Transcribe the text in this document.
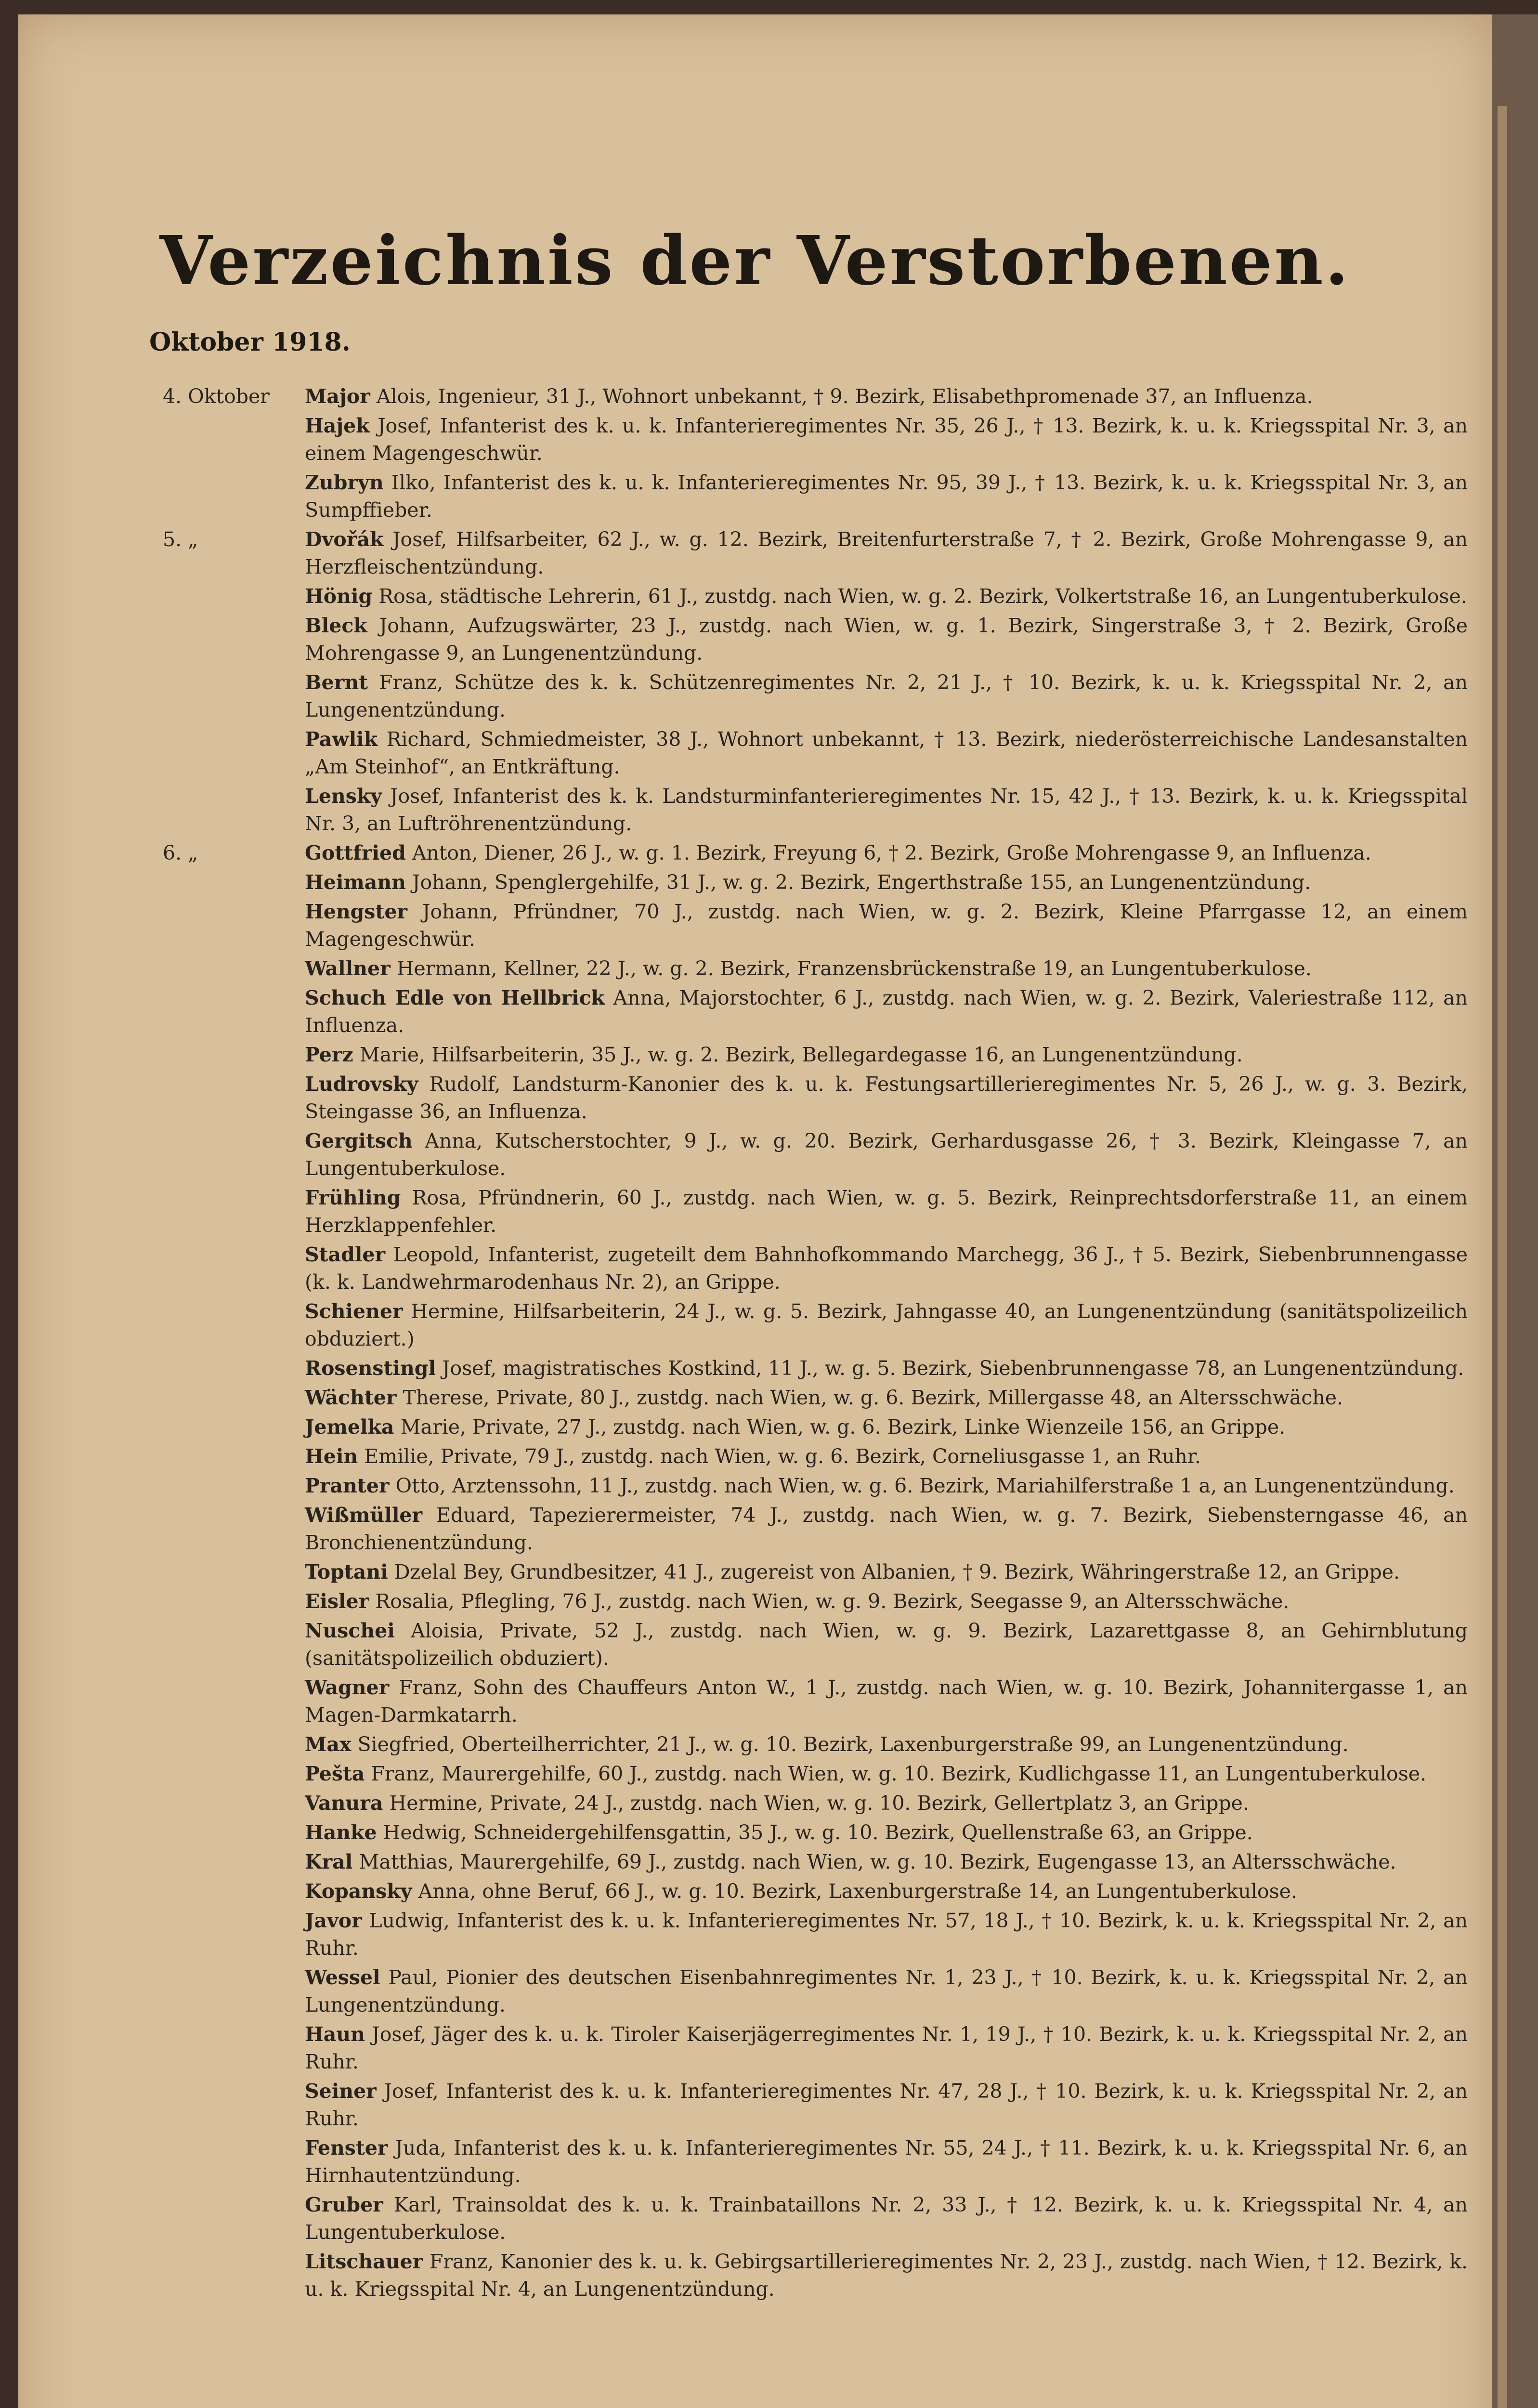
Verzeichnis der Verstorbenen.
Oktober 1918.
4. Oktober	Major Alois, Ingenieur, 31 J., Wohnort unbekannt, † 9. Bezirk, Elisabethpromenade 37, an Influenza.
Hajek Josef, Infanterist des k. u. k. Infanterieregimentes Nr. 35, 26 J., † 13. Bezirk, k. u. k. Kriegsspital Nr. 3, an einem Magengeschwür.
Zubryn Ilko, Infanterist des k. u. k. Infanterieregimentes Nr. 95, 39 J., † 13. Bezirk, k. u. k. Kriegsspital Nr. 3, an Sumpffieber.
5. „	Dvořák Josef, Hilfsarbeiter, 62 J., w. g. 12. Bezirk, Breitenfurterstraße 7, † 2. Bezirk, Große Mohrengasse 9, an Herzfleischentzündung.
Hönig Rosa, städtische Lehrerin, 61 J., zustdg. nach Wien, w. g. 2. Bezirk, Volkertstraße 16, an Lungentuberkulose.
Bleck Johann, Aufzugswärter, 23 J., zustdg. nach Wien, w. g. 1. Bezirk, Singerstraße 3, † 2. Bezirk, Große Mohrengasse 9, an Lungenentzündung.
Bernt Franz, Schütze des k. k. Schützenregimentes Nr. 2, 21 J., † 10. Bezirk, k. u. k. Kriegsspital Nr. 2, an Lungenentzündung.
Pawlik Richard, Schmiedmeister, 38 J., Wohnort unbekannt, † 13. Bezirk, niederösterreichische Landesanstalten „Am Steinhof“, an Entkräftung.
Lensky Josef, Infanterist des k. k. Landsturminfanterieregimentes Nr. 15, 42 J., † 13. Bezirk, k. u. k. Kriegsspital Nr. 3, an Luftröhrenentzündung.
6. „	Gottfried Anton, Diener, 26 J., w. g. 1. Bezirk, Freyung 6, † 2. Bezirk, Große Mohrengasse 9, an Influenza.
Heimann Johann, Spenglergehilfe, 31 J., w. g. 2. Bezirk, Engerthstraße 155, an Lungenentzündung.
Hengster Johann, Pfründner, 70 J., zustdg. nach Wien, w. g. 2. Bezirk, Kleine Pfarrgasse 12, an einem Magengeschwür.
Wallner Hermann, Kellner, 22 J., w. g. 2. Bezirk, Franzensbrückenstraße 19, an Lungentuberkulose.
Schuch Edle von Hellbrick Anna, Majorstochter, 6 J., zustdg. nach Wien, w. g. 2. Bezirk, Valeriestraße 112, an Influenza.
Perz Marie, Hilfsarbeiterin, 35 J., w. g. 2. Bezirk, Bellegardegasse 16, an Lungenentzündung.
Ludrovsky Rudolf, Landsturm-Kanonier des k. u. k. Festungsartillerieregimentes Nr. 5, 26 J., w. g. 3. Bezirk, Steingasse 36, an Influenza.
Gergitsch Anna, Kutscherstochter, 9 J., w. g. 20. Bezirk, Gerhardusgasse 26, † 3. Bezirk, Kleingasse 7, an Lungentuberkulose.
Frühling Rosa, Pfründnerin, 60 J., zustdg. nach Wien, w. g. 5. Bezirk, Reinprechtsdorferstraße 11, an einem Herzklappenfehler.
Stadler Leopold, Infanterist, zugeteilt dem Bahnhofkommando Marchegg, 36 J., † 5. Bezirk, Siebenbrunnengasse (k. k. Landwehrmarodenhaus Nr. 2), an Grippe.
Schiener Hermine, Hilfsarbeiterin, 24 J., w. g. 5. Bezirk, Jahngasse 40, an Lungenentzündung (sanitätspolizeilich obduziert.)
Rosenstingl Josef, magistratisches Kostkind, 11 J., w. g. 5. Bezirk, Siebenbrunnengasse 78, an Lungenentzündung.
Wächter Therese, Private, 80 J., zustdg. nach Wien, w. g. 6. Bezirk, Millergasse 48, an Altersschwäche.
Jemelka Marie, Private, 27 J., zustdg. nach Wien, w. g. 6. Bezirk, Linke Wienzeile 156, an Grippe.
Hein Emilie, Private, 79 J., zustdg. nach Wien, w. g. 6. Bezirk, Corneliusgasse 1, an Ruhr.
Pranter Otto, Arztenssohn, 11 J., zustdg. nach Wien, w. g. 6. Bezirk, Mariahilferstraße 1 a, an Lungenentzündung.
Wißmüller Eduard, Tapezierermeister, 74 J., zustdg. nach Wien, w. g. 7. Bezirk, Siebensterngasse 46, an Bronchienentzündung.
Toptani Dzelal Bey, Grundbesitzer, 41 J., zugereist von Albanien, † 9. Bezirk, Währingerstraße 12, an Grippe.
Eisler Rosalia, Pflegling, 76 J., zustdg. nach Wien, w. g. 9. Bezirk, Seegasse 9, an Altersschwäche.
Nuschei Aloisia, Private, 52 J., zustdg. nach Wien, w. g. 9. Bezirk, Lazarettgasse 8, an Gehirnblutung (sanitätspolizeilich obduziert).
Wagner Franz, Sohn des Chauffeurs Anton W., 1 J., zustdg. nach Wien, w. g. 10. Bezirk, Johannitergasse 1, an Magen-Darmkatarrh.
Max Siegfried, Oberteilherrichter, 21 J., w. g. 10. Bezirk, Laxenburgerstraße 99, an Lungenentzündung.
Pešta Franz, Maurergehilfe, 60 J., zustdg. nach Wien, w. g. 10. Bezirk, Kudlichgasse 11, an Lungentuberkulose.
Vanura Hermine, Private, 24 J., zustdg. nach Wien, w. g. 10. Bezirk, Gellertplatz 3, an Grippe.
Hanke Hedwig, Schneidergehilfensgattin, 35 J., w. g. 10. Bezirk, Quellenstraße 63, an Grippe.
Kral Matthias, Maurergehilfe, 69 J., zustdg. nach Wien, w. g. 10. Bezirk, Eugengasse 13, an Altersschwäche.
Kopansky Anna, ohne Beruf, 66 J., w. g. 10. Bezirk, Laxenburgerstraße 14, an Lungentuberkulose.
Javor Ludwig, Infanterist des k. u. k. Infanterieregimentes Nr. 57, 18 J., † 10. Bezirk, k. u. k. Kriegsspital Nr. 2, an Ruhr.
Wessel Paul, Pionier des deutschen Eisenbahnregimentes Nr. 1, 23 J., † 10. Bezirk, k. u. k. Kriegsspital Nr. 2, an Lungenentzündung.
Haun Josef, Jäger des k. u. k. Tiroler Kaiserjägerregimentes Nr. 1, 19 J., † 10. Bezirk, k. u. k. Kriegsspital Nr. 2, an Ruhr.
Seiner Josef, Infanterist des k. u. k. Infanterieregimentes Nr. 47, 28 J., † 10. Bezirk, k. u. k. Kriegsspital Nr. 2, an Ruhr.
Fenster Juda, Infanterist des k. u. k. Infanterieregimentes Nr. 55, 24 J., † 11. Bezirk, k. u. k. Kriegsspital Nr. 6, an Hirnhautentzündung.
Gruber Karl, Trainsoldat des k. u. k. Trainbataillons Nr. 2, 33 J., † 12. Bezirk, k. u. k. Kriegsspital Nr. 4, an Lungentuberkulose.
Litschauer Franz, Kanonier des k. u. k. Gebirgsartillerieregimentes Nr. 2, 23 J., zustdg. nach Wien, † 12. Bezirk, k. u. k. Kriegsspital Nr. 4, an Lungenentzündung.
